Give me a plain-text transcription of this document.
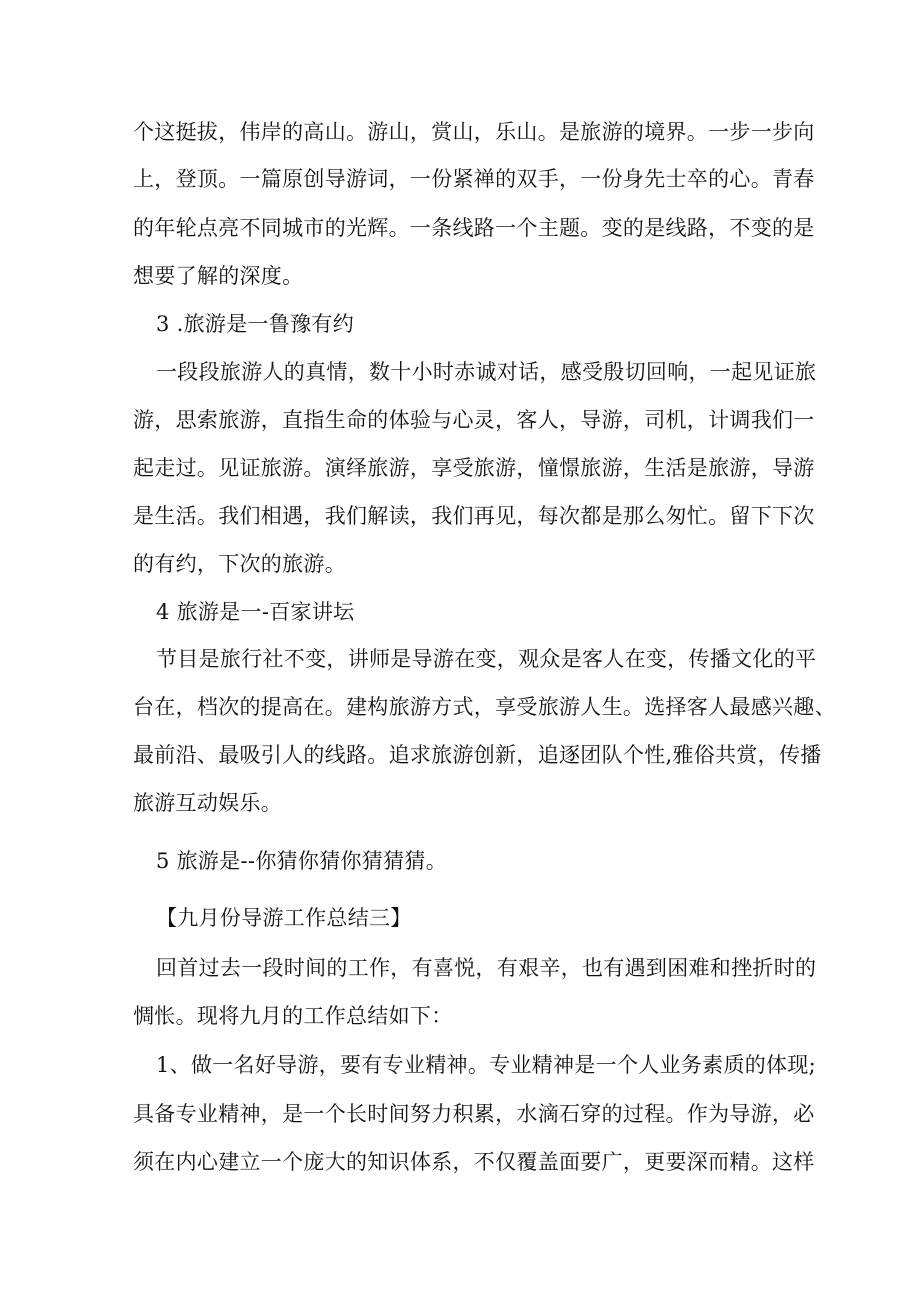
个这挺拔，伟岸的高山。游山，赏山，乐山。是旅游的境界。一步一步向
上，登顶。一篇原创导游词，一份紧禅的双手，一份身先士卒的心。青春
的年轮点亮不同城市的光辉。一条线路一个主题。变的是线路，不变的是
想要了解的深度。
3 .旅游是一鲁豫有约
一段段旅游人的真情，数十小时赤诚对话，感受殷切回响，一起见证旅
游，思索旅游，直指生命的体验与心灵，客人，导游，司机，计调我们一
起走过。见证旅游。演绎旅游，享受旅游，憧憬旅游，生活是旅游，导游
是生活。我们相遇，我们解读，我们再见，每次都是那么匆忙。留下下次
的有约，下次的旅游。
4 旅游是一-百家讲坛
节目是旅行社不变，讲师是导游在变，观众是客人在变，传播文化的平
台在，档次的提高在。建构旅游方式，享受旅游人生。选择客人最感兴趣、
最前沿、最吸引人的线路。追求旅游创新，追逐团队个性,雅俗共赏，传播
旅游互动娱乐。
5 旅游是--你猜你猜你猜猜猜。
【九月份导游工作总结三】
回首过去一段时间的工作，有喜悦，有艰辛，也有遇到困难和挫折时的
惆怅。现将九月的工作总结如下：
1、做一名好导游，要有专业精神。专业精神是一个人业务素质的体现;
具备专业精神，是一个长时间努力积累，水滴石穿的过程。作为导游，必
须在内心建立一个庞大的知识体系，不仅覆盖面要广，更要深而精。这样
